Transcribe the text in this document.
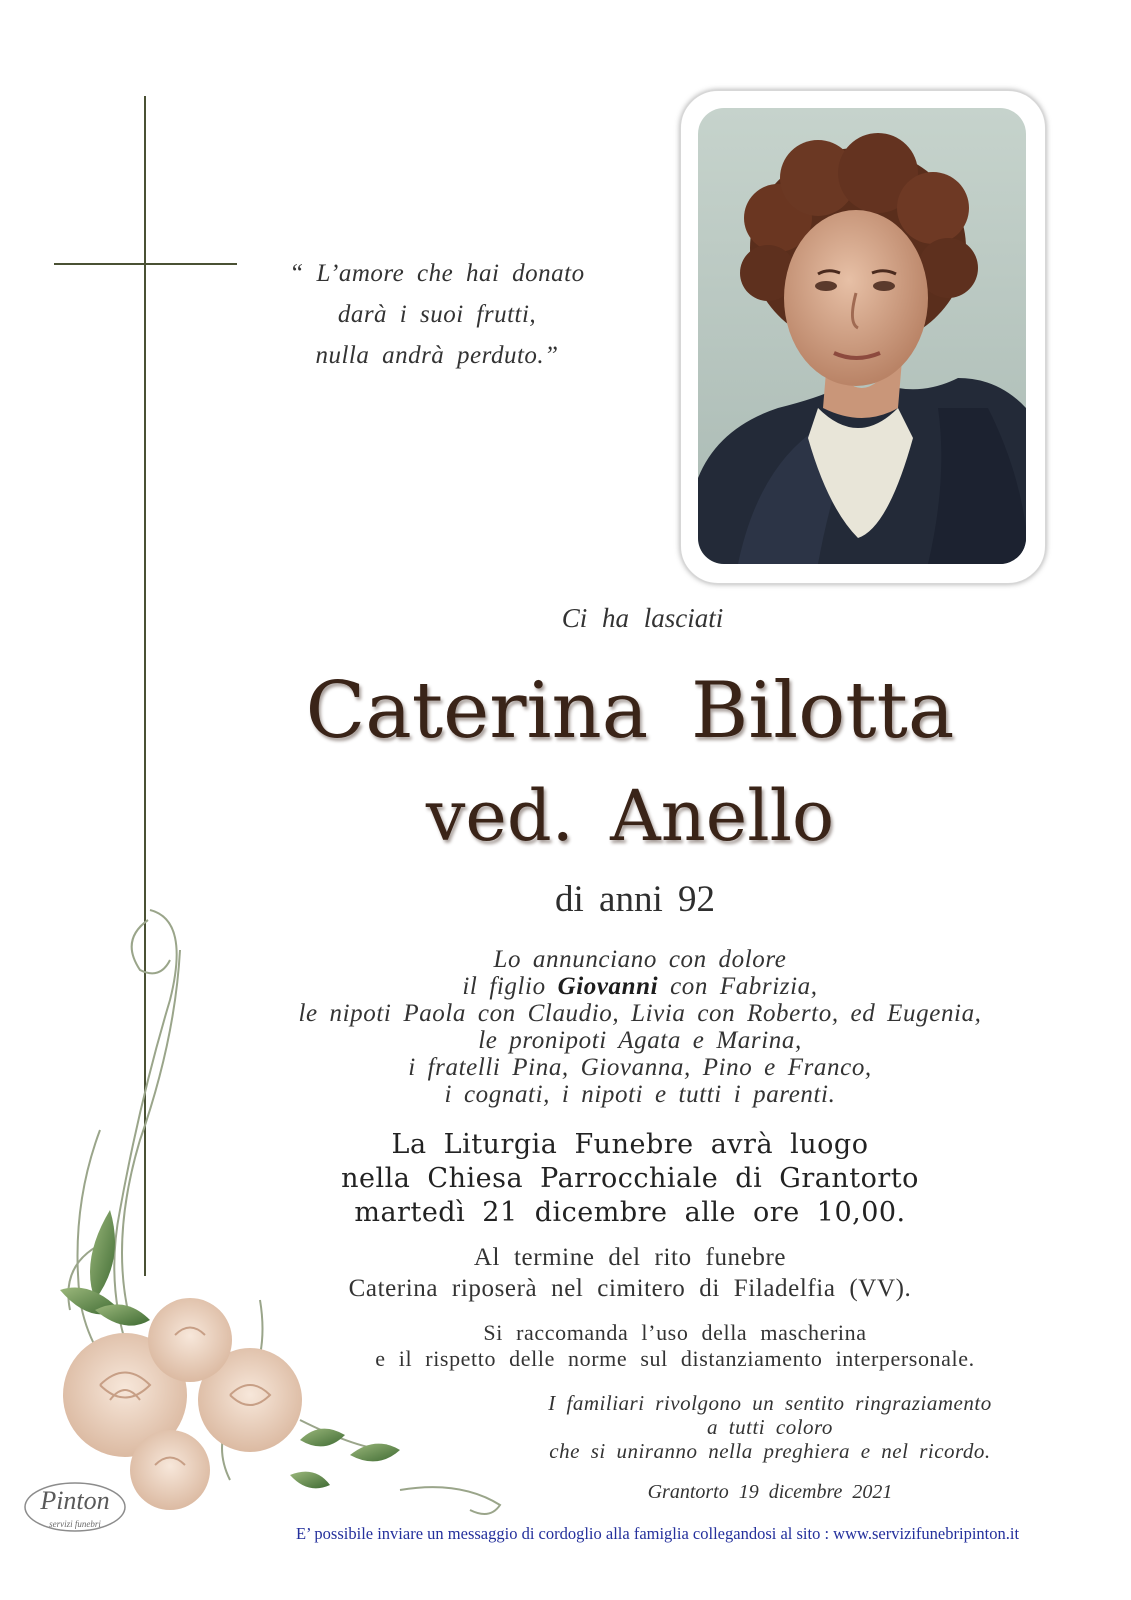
“ L’amore che hai donato
darà i suoi frutti,
nulla andrà perduto.”
Ci ha lasciati
Caterina Bilotta
ved. Anello
di anni 92
Lo annunciano con dolore
il figlio Giovanni con Fabrizia,
le nipoti Paola con Claudio, Livia con Roberto, ed Eugenia,
le pronipoti Agata e Marina,
i fratelli Pina, Giovanna, Pino e Franco,
i cognati, i nipoti e tutti i parenti.
La Liturgia Funebre avrà luogo
nella Chiesa Parrocchiale di Grantorto
martedì 21 dicembre alle ore 10,00.
Al termine del rito funebre
Caterina riposerà nel cimitero di Filadelfia (VV).
Si raccomanda l’uso della mascherina
e il rispetto delle norme sul distanziamento interpersonale.
I familiari rivolgono un sentito ringraziamento
a tutti coloro
che si uniranno nella preghiera e nel ricordo.
Grantorto 19 dicembre 2021
Pinton
servizi funebri	E’ possibile inviare un messaggio di cordoglio alla famiglia collegandosi al sito : www.servizifunebripinton.it
